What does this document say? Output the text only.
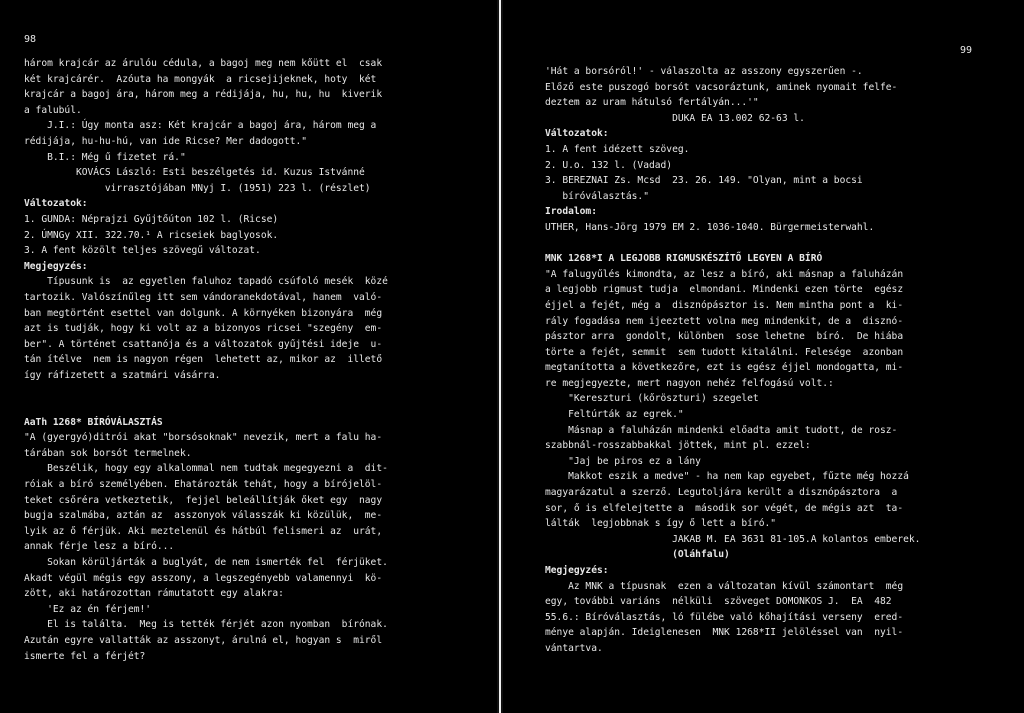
98
három krajcár az árulóu cédula, a bagoj meg nem kőütt el  csak
két krajcárér.  Azóuta ha mongyák  a ricsejijeknek, hoty  két
krajcár a bagoj ára, három meg a rédijája, hu, hu, hu  kiverik
a falubúl.
J.I.: Úgy monta asz: Két krajcár a bagoj ára, három meg a
rédijája, hu-hu-hú, van ide Ricse? Mer dadogott."
B.I.: Még ű fizetet rá."
KOVÁCS László: Esti beszélgetés id. Kuzus Istvánné
virrasztójában MNyj I. (1951) 223 l. (részlet)
Változatok:
1. GUNDA: Néprajzi Gyűjtőúton 102 l. (Ricse)
2. ÚMNGy XII. 322.70.¹ A ricseiek baglyosok.
3. A fent közölt teljes szövegű változat.
Megjegyzés:
Típusunk is  az egyetlen faluhoz tapadó csúfoló mesék  közé
tartozik. Valószínűleg itt sem vándoranekdotával, hanem  való-
ban megtörtént esettel van dolgunk. A környéken bizonyára  még
azt is tudják, hogy ki volt az a bizonyos ricsei "szegény  em-
ber". A történet csattanója és a változatok gyűjtési ideje  u-
tán ítélve  nem is nagyon régen  lehetett az, mikor az  illető
így ráfizetett a szatmári vásárra.
AaTh 1268* BÍRÓVÁLASZTÁS
"A (gyergyó)ditrói akat "borsósoknak" nevezik, mert a falu ha-
tárában sok borsót termelnek.
Beszélik, hogy egy alkalommal nem tudtak megegyezni a  dit-
róiak a bíró személyében. Ehatározták tehát, hogy a bírójelöl-
teket csőréra vetkeztetik,  fejjel beleállítják őket egy  nagy
bugja szalmába, aztán az  asszonyok válasszák ki közülük,  me-
lyik az ő férjük. Aki meztelenül és hátbúl felismeri az  urát,
annak férje lesz a bíró...
Sokan körüljárták a buglyát, de nem ismerték fel  férjüket.
Akadt végül mégis egy asszony, a legszegényebb valamennyi  kö-
zött, aki határozottan rámutatott egy alakra:
'Ez az én férjem!'
El is találta.  Meg is tették férjét azon nyomban  bírónak.
Azután egyre vallatták az asszonyt, árulná el, hogyan s  miről
ismerte fel a férjét?
99
'Hát a borsóról!' - válaszolta az asszony egyszerűen -.
Előző este puszogó borsót vacsoráztunk, aminek nyomait felfe-
deztem az uram hátulsó fertályán...'"
DUKA EA 13.002 62-63 l.
Változatok:
1. A fent idézett szöveg.
2. U.o. 132 l. (Vadad)
3. BEREZNAI Zs. Mcsd  23. 26. 149. "Olyan, mint a bocsi
bíróválasztás."
Irodalom:
UTHER, Hans-Jörg 1979 EM 2. 1036-1040. Bürgermeisterwahl.
MNK 1268*I A LEGJOBB RIGMUSKÉSZÍTŐ LEGYEN A BÍRÓ
"A falugyűlés kimondta, az lesz a bíró, aki másnap a faluházán
a legjobb rigmust tudja  elmondani. Mindenki ezen törte  egész
éjjel a fejét, még a  disznópásztor is. Nem mintha pont a  ki-
rály fogadása nem ijeeztett volna meg mindenkit, de a  disznó-
pásztor arra  gondolt, különben  sose lehetne  bíró.  De hiába
törte a fejét, semmit  sem tudott kitalálni. Felesége  azonban
megtanította a következőre, ezt is egész éjjel mondogatta, mi-
re megjegyezte, mert nagyon nehéz felfogású volt.:
"Kereszturi (kőröszturi) szegelet
Feltúrták az egrek."
Másnap a faluházán mindenki előadta amit tudott, de rosz-
szabbnál-rosszabbakkal jöttek, mint pl. ezzel:
"Jaj be piros ez a lány
Makkot eszik a medve" - ha nem kap egyebet, fűzte még hozzá
magyarázatul a szerző. Legutoljára került a disznópásztora  a
sor, ő is elfelejtette a  második sor végét, de mégis azt  ta-
lálták  legjobbnak s így ő lett a bíró."
JAKAB M. EA 3631 81-105.A kolantos emberek.
(Oláhfalu)
Megjegyzés:
Az MNK a típusnak  ezen a változatan kívül számontart  még
egy, további variáns  nélküli  szöveget DOMONKOS J.  EA  482
55.6.: Bíróválasztás, ló fülébe való kőhajítási verseny  ered-
ménye alapján. Ideiglenesen  MNK 1268*II jelöléssel van  nyil-
vántartva.
